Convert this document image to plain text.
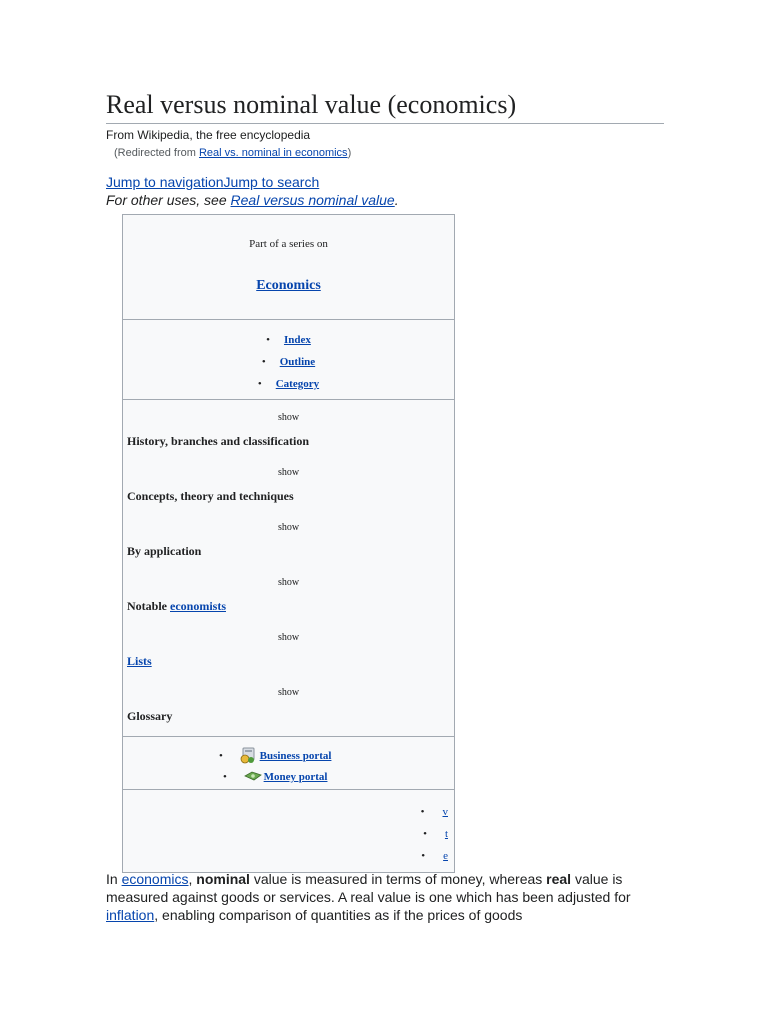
Real versus nominal value (economics)
From Wikipedia, the free encyclopedia
(Redirected from Real vs. nominal in economics)
Jump to navigationJump to search
For other uses, see Real versus nominal value.
Part of a series on
Economics
• Index
• Outline
• Category
show
History, branches and classification
show
Concepts, theory and techniques
show
By application
show
Notable economists
show
Lists
show
Glossary
•	Business portal
•	Money portal
• v
• t
• e
In economics, nominal value is measured in terms of money, whereas real value is measured against goods or services. A real value is one which has been adjusted for inflation, enabling comparison of quantities as if the prices of goods
